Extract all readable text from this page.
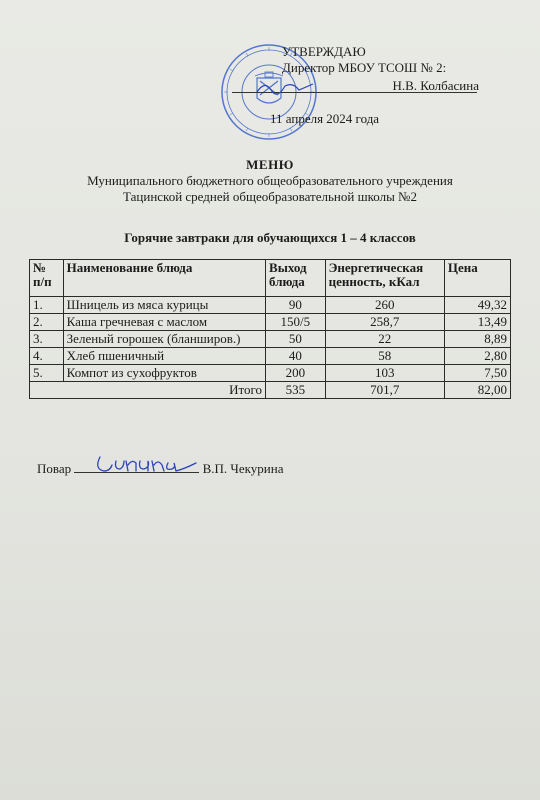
УТВЕРЖДАЮ
Директор МБОУ ТСОШ № 2:
Н.В. Колбасина
11 апреля 2024 года
МЕНЮ
Муниципального бюджетного общеобразовательного учреждения
Тацинской средней общеобразовательной школы №2
Горячие завтраки для обучающихся 1 – 4 классов
№ п/п	Наименование блюда	Выход блюда	Энергетическая ценность, кКал	Цена
1.	Шницель из мяса курицы	90	260	49,32
2.	Каша гречневая с маслом	150/5	258,7	13,49
3.	Зеленый горошек (бланширов.)	50	22	8,89
4.	Хлеб пшеничный	40	58	2,80
5.	Компот из сухофруктов	200	103	7,50
Итого		535	701,7	82,00
Повар	В.П. Чекурина
